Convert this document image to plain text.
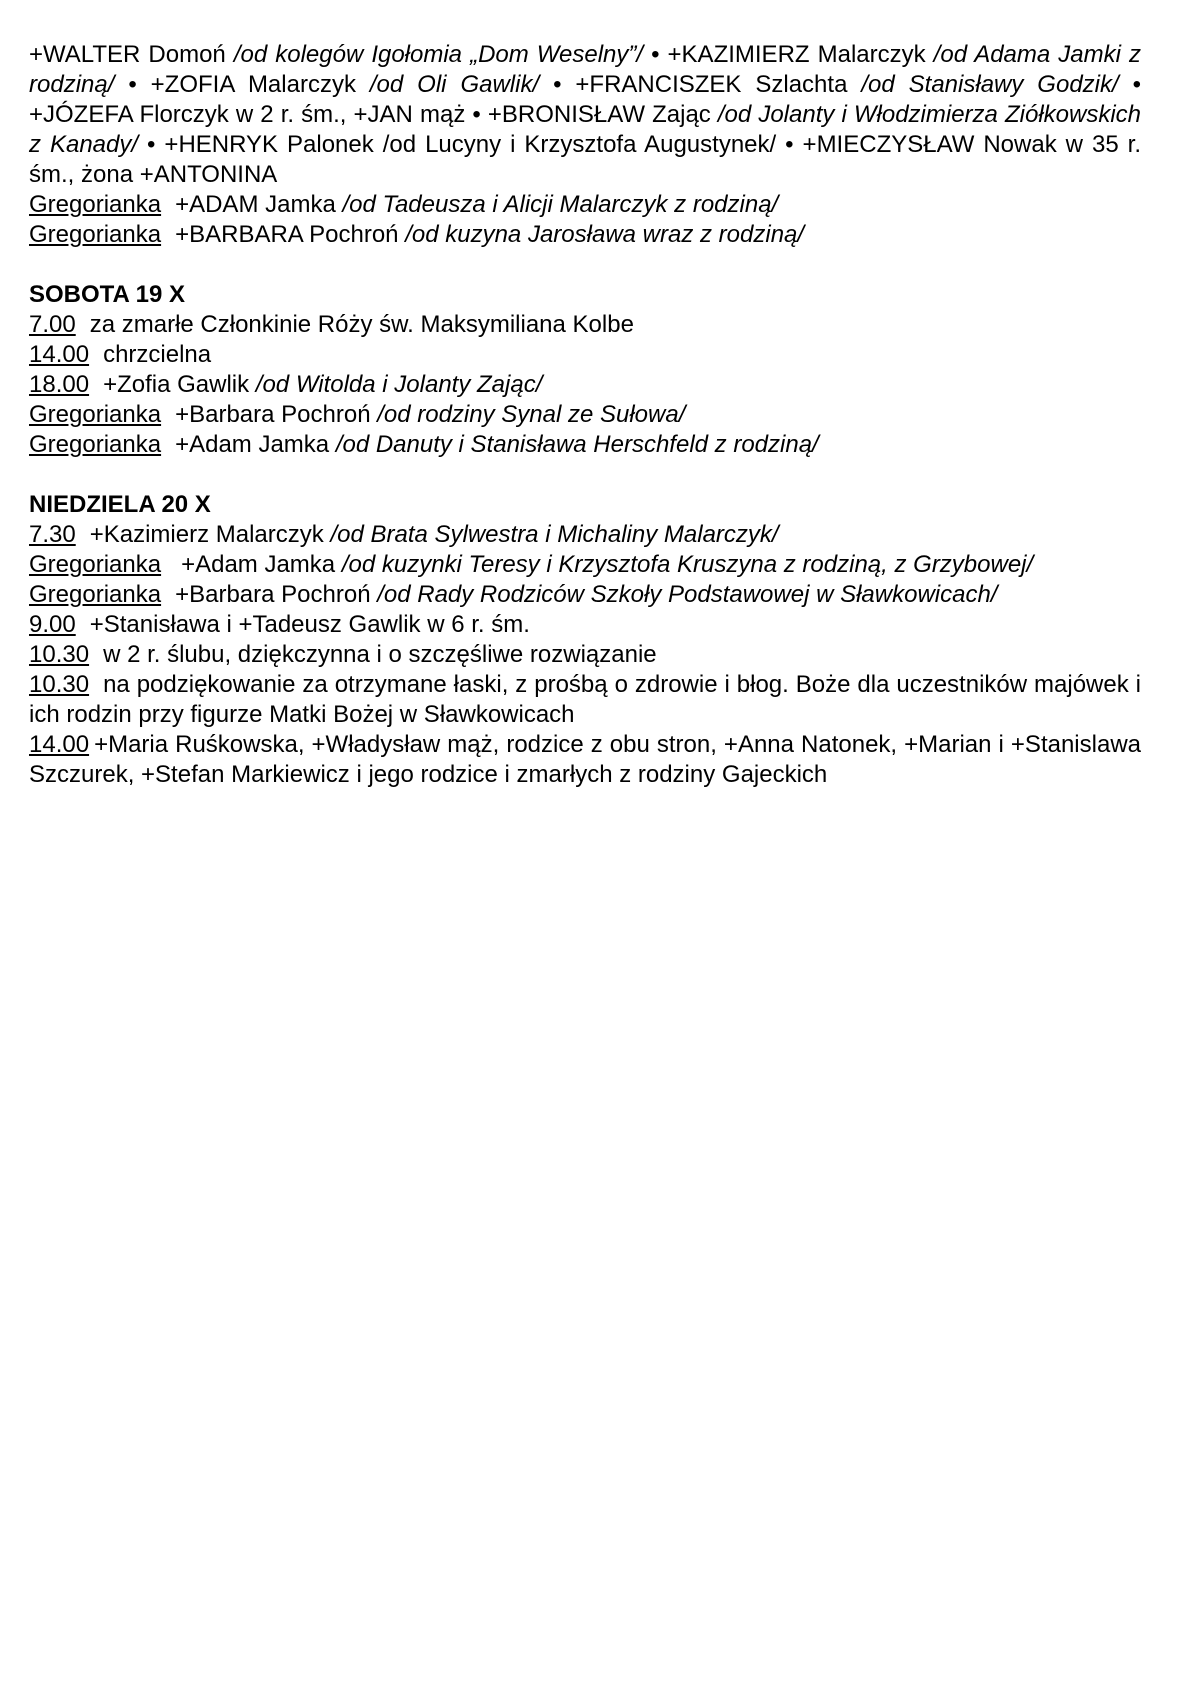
+WALTER Domoń /od kolegów Igołomia „Dom Weselny”/ • +KAZIMIERZ Malarczyk /od Adama Jamki z rodziną/ • +ZOFIA Malarczyk /od Oli Gawlik/ • +FRANCISZEK Szlachta /od Stanisławy Godzik/ • +JÓZEFA Florczyk w 2 r. śm., +JAN mąż • +BRONISŁAW Zając /od Jolanty i Włodzimierza Ziółkowskich z Kanady/ • +HENRYK Palonek /od Lucyny i Krzysztofa Augustynek/ • +MIECZYSŁAW Nowak w 35 r. śm., żona +ANTONINA

Gregorianka +ADAM Jamka /od Tadeusza i Alicji Malarczyk z rodziną/

Gregorianka +BARBARA Pochroń /od kuzyna Jarosława wraz z rodziną/

SOBOTA 19 X

7.00 za zmarłe Członkinie Róży św. Maksymiliana Kolbe

14.00 chrzcielna

18.00 +Zofia Gawlik /od Witolda i Jolanty Zając/

Gregorianka +Barbara Pochroń /od rodziny Synal ze Sułowa/

Gregorianka +Adam Jamka /od Danuty i Stanisława Herschfeld z rodziną/

NIEDZIELA 20 X

7.30 +Kazimierz Malarczyk /od Brata Sylwestra i Michaliny Malarczyk/

Gregorianka +Adam Jamka /od kuzynki Teresy i Krzysztofa Kruszyna z rodziną, z Grzybowej/

Gregorianka +Barbara Pochroń /od Rady Rodziców Szkoły Podstawowej w Sławkowicach/

9.00 +Stanisława i +Tadeusz Gawlik w 6 r. śm.

10.30 w 2 r. ślubu, dziękczynna i o szczęśliwe rozwiązanie

10.30 na podziękowanie za otrzymane łaski, z prośbą o zdrowie i błog. Boże dla uczestników majówek i ich rodzin przy figurze Matki Bożej w Sławkowicach

14.00 +Maria Ruśkowska, +Władysław mąż, rodzice z obu stron, +Anna Natonek, +Marian i +Stanislawa Szczurek, +Stefan Markiewicz i jego rodzice i zmarłych z rodziny Gajeckich
